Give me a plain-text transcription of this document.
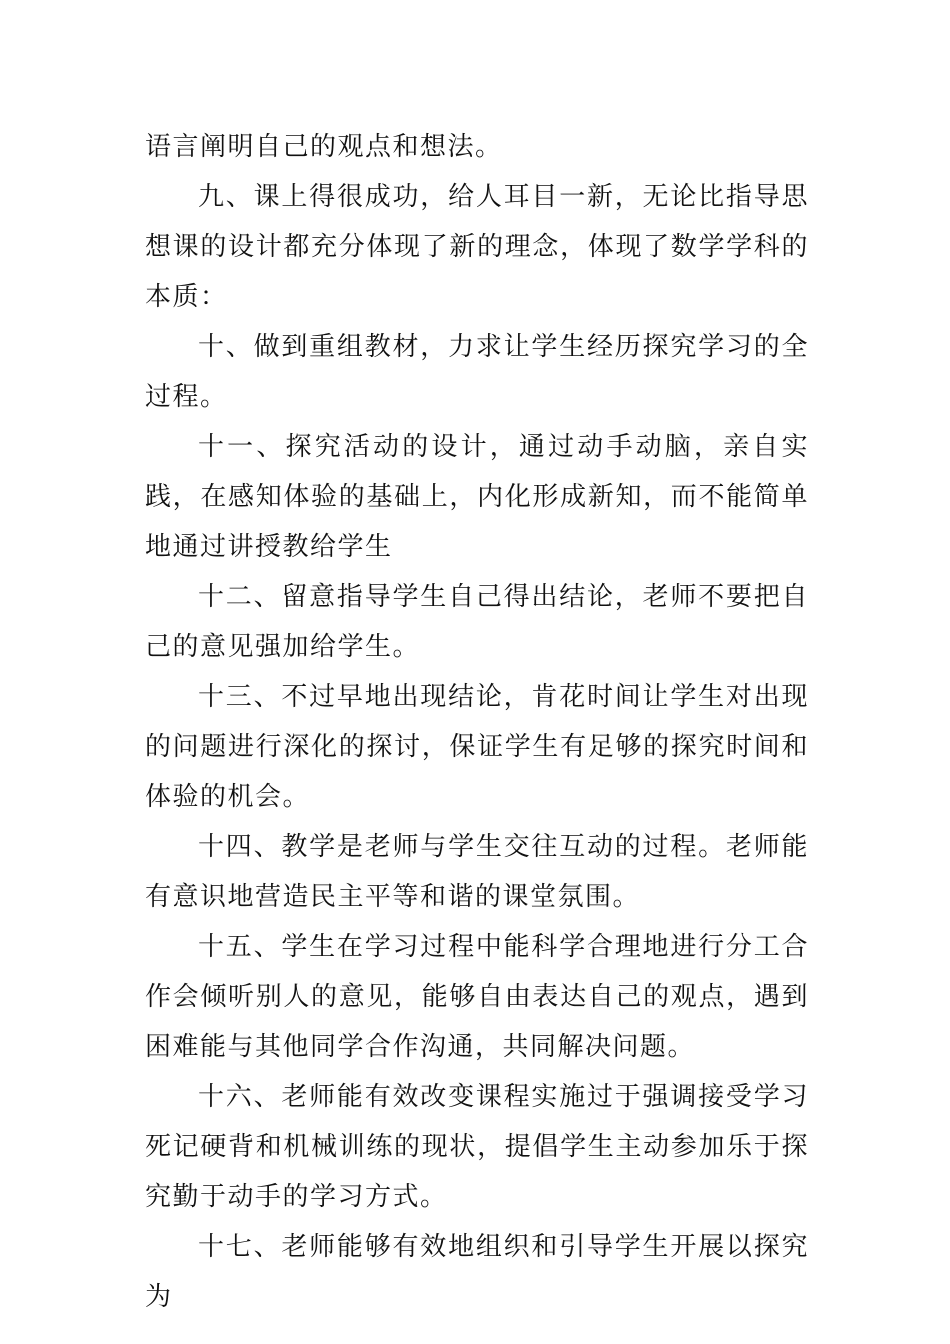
语言阐明自己的观点和想法。

九、课上得很成功，给人耳目一新，无论比指导思想课的设计都充分体现了新的理念，体现了数学学科的本质：

十、做到重组教材，力求让学生经历探究学习的全过程。

十一、探究活动的设计，通过动手动脑，亲自实践，在感知体验的基础上，内化形成新知，而不能简单地通过讲授教给学生

十二、留意指导学生自己得出结论，老师不要把自己的意见强加给学生。

十三、不过早地出现结论，肯花时间让学生对出现的问题进行深化的探讨，保证学生有足够的探究时间和体验的机会。

十四、教学是老师与学生交往互动的过程。老师能有意识地营造民主平等和谐的课堂氛围。

十五、学生在学习过程中能科学合理地进行分工合作会倾听别人的意见，能够自由表达自己的观点，遇到困难能与其他同学合作沟通，共同解决问题。

十六、老师能有效改变课程实施过于强调接受学习死记硬背和机械训练的现状，提倡学生主动参加乐于探究勤于动手的学习方式。

十七、老师能够有效地组织和引导学生开展以探究为
